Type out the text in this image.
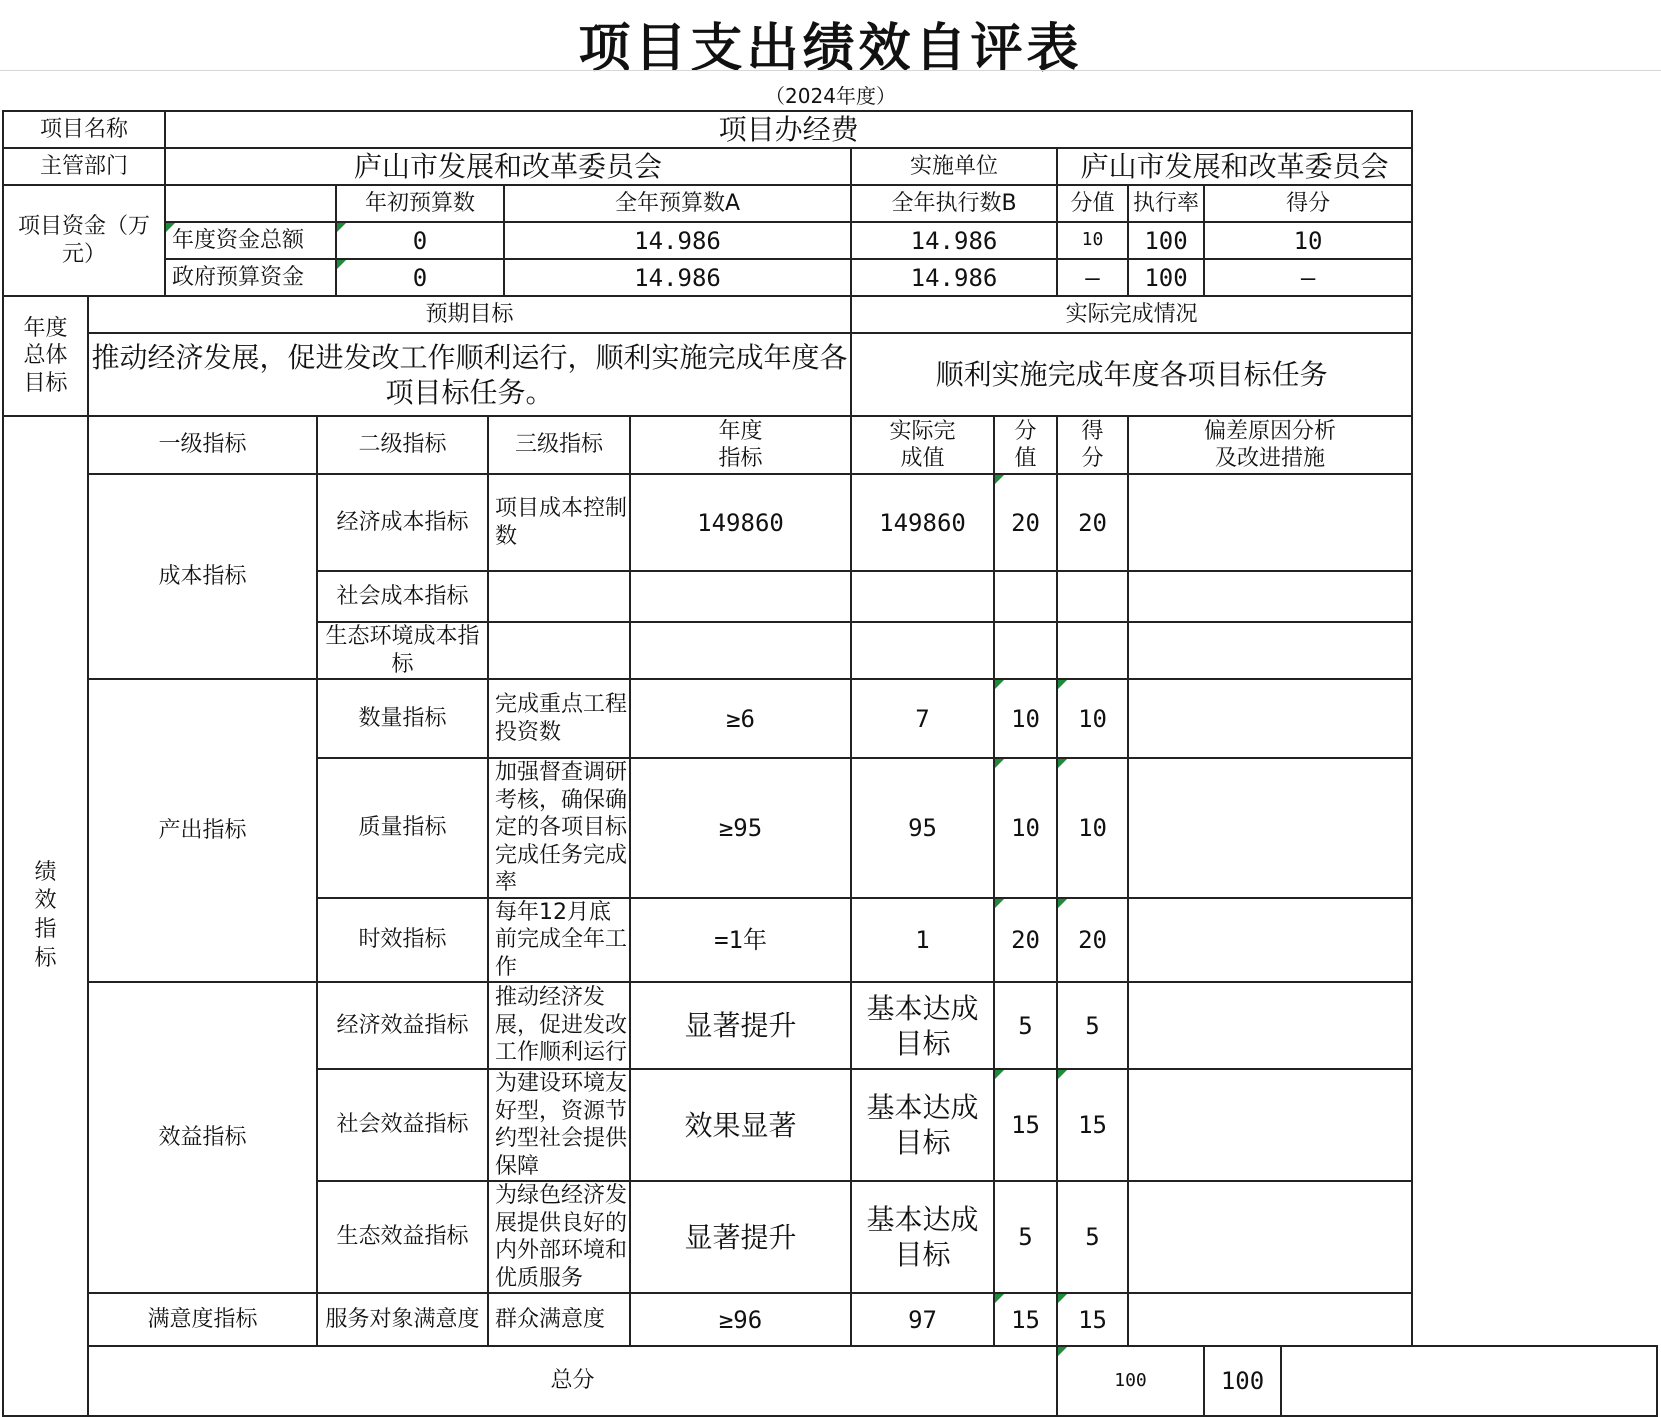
项目支出绩效自评表
（2024年度）
项目名称		项目办经费											
主管部门		庐山市发展和改革委员会						实施单位		庐山市发展和改革委员会			
项目资金（万元）				年初预算数		全年预算数A		全年执行数B		分值	执行率	得分	
		年度资金总额		0		14.986		14.986		10	100	10	
		政府预算资金		0		14.986		14.986		—	100	—	
年度总体目标	预期目标							实际完成情况					
	推动经济发展，促进发改工作顺利运行，顺利实施完成年度各项目标任务。							顺利实施完成年度各项目标任务					
绩效指标	一级指标		二级指标		三级指标		年度指标	实际完成值	分值	得分	偏差原因分析及改进措施		
	成本指标		经济成本指标		项目成本控制数		149860	149860	20	20			
			社会成本指标										
			生态环境成本指标										
	产出指标		数量指标		完成重点工程投资数		≥6	7	10	10			
			质量指标		加强督查调研考核，确保确定的各项目标完成任务完成率		≥95	95	10	10			
			时效指标		每年12月底前完成全年工作		=1年	1	20	20			
	效益指标		经济效益指标		推动经济发展，促进发改工作顺利运行		显著提升	基本达成目标	5	5			
			社会效益指标		为建设环境友好型，资源节约型社会提供保障		效果显著	基本达成目标	15	15			
			生态效益指标		为绿色经济发展提供良好的内外部环境和优质服务		显著提升	基本达成目标	5	5			
	满意度指标		服务对象满意度		群众满意度		≥96	97	15	15			
	总分									100		100	
